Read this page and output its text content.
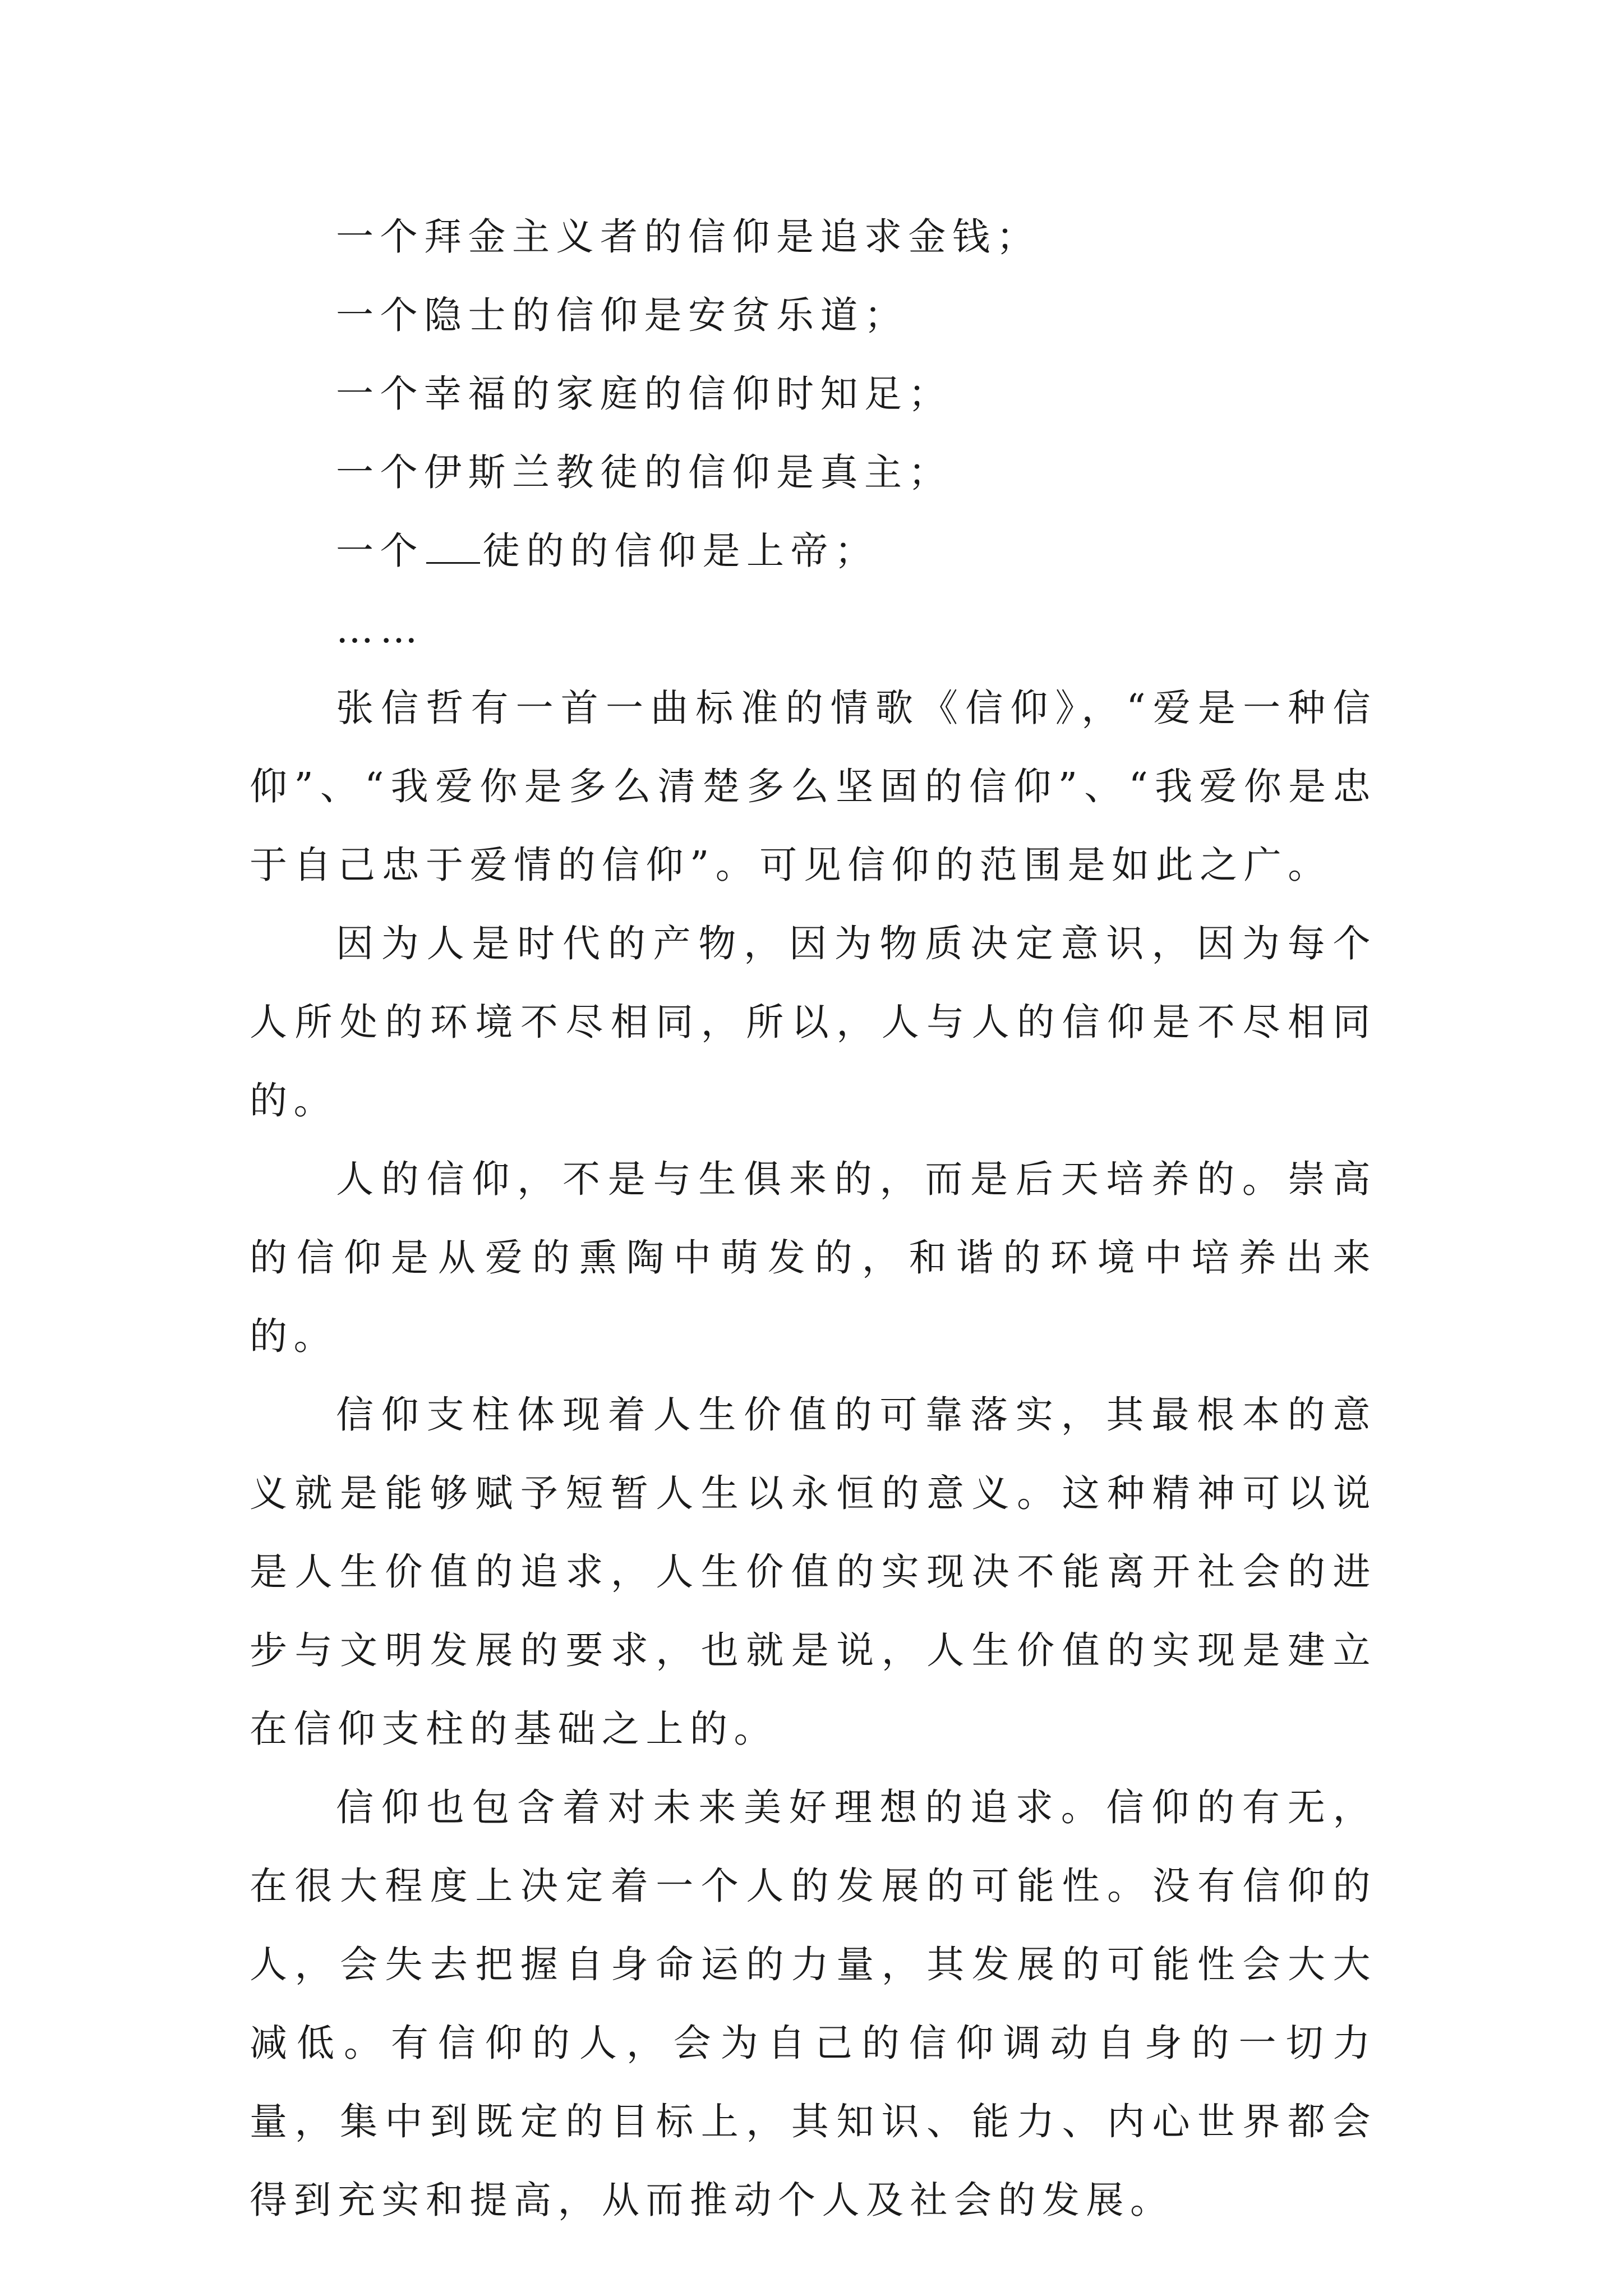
一个拜金主义者的信仰是追求金钱；
一个隐士的信仰是安贫乐道；
一个幸福的家庭的信仰时知足；
一个伊斯兰教徒的信仰是真主；
一个 徒的的信仰是上帝；
……

张信哲有一首一曲标准的情歌《信仰》，“爱是一种信仰”、“我爱你是多么清楚多么坚固的信仰”、“我爱你是忠于自己忠于爱情的信仰”。可见信仰的范围是如此之广。

因为人是时代的产物，因为物质决定意识，因为每个人所处的环境不尽相同，所以，人与人的信仰是不尽相同的。

人的信仰，不是与生俱来的，而是后天培养的。崇高的信仰是从爱的熏陶中萌发的，和谐的环境中培养出来的。

信仰支柱体现着人生价值的可靠落实，其最根本的意义就是能够赋予短暂人生以永恒的意义。这种精神可以说是人生价值的追求，人生价值的实现决不能离开社会的进步与文明发展的要求，也就是说，人生价值的实现是建立在信仰支柱的基础之上的。

信仰也包含着对未来美好理想的追求。信仰的有无，在很大程度上决定着一个人的发展的可能性。没有信仰的人，会失去把握自身命运的力量，其发展的可能性会大大减低。有信仰的人，会为自己的信仰调动自身的一切力量，集中到既定的目标上，其知识、能力、内心世界都会得到充实和提高，从而推动个人及社会的发展。
